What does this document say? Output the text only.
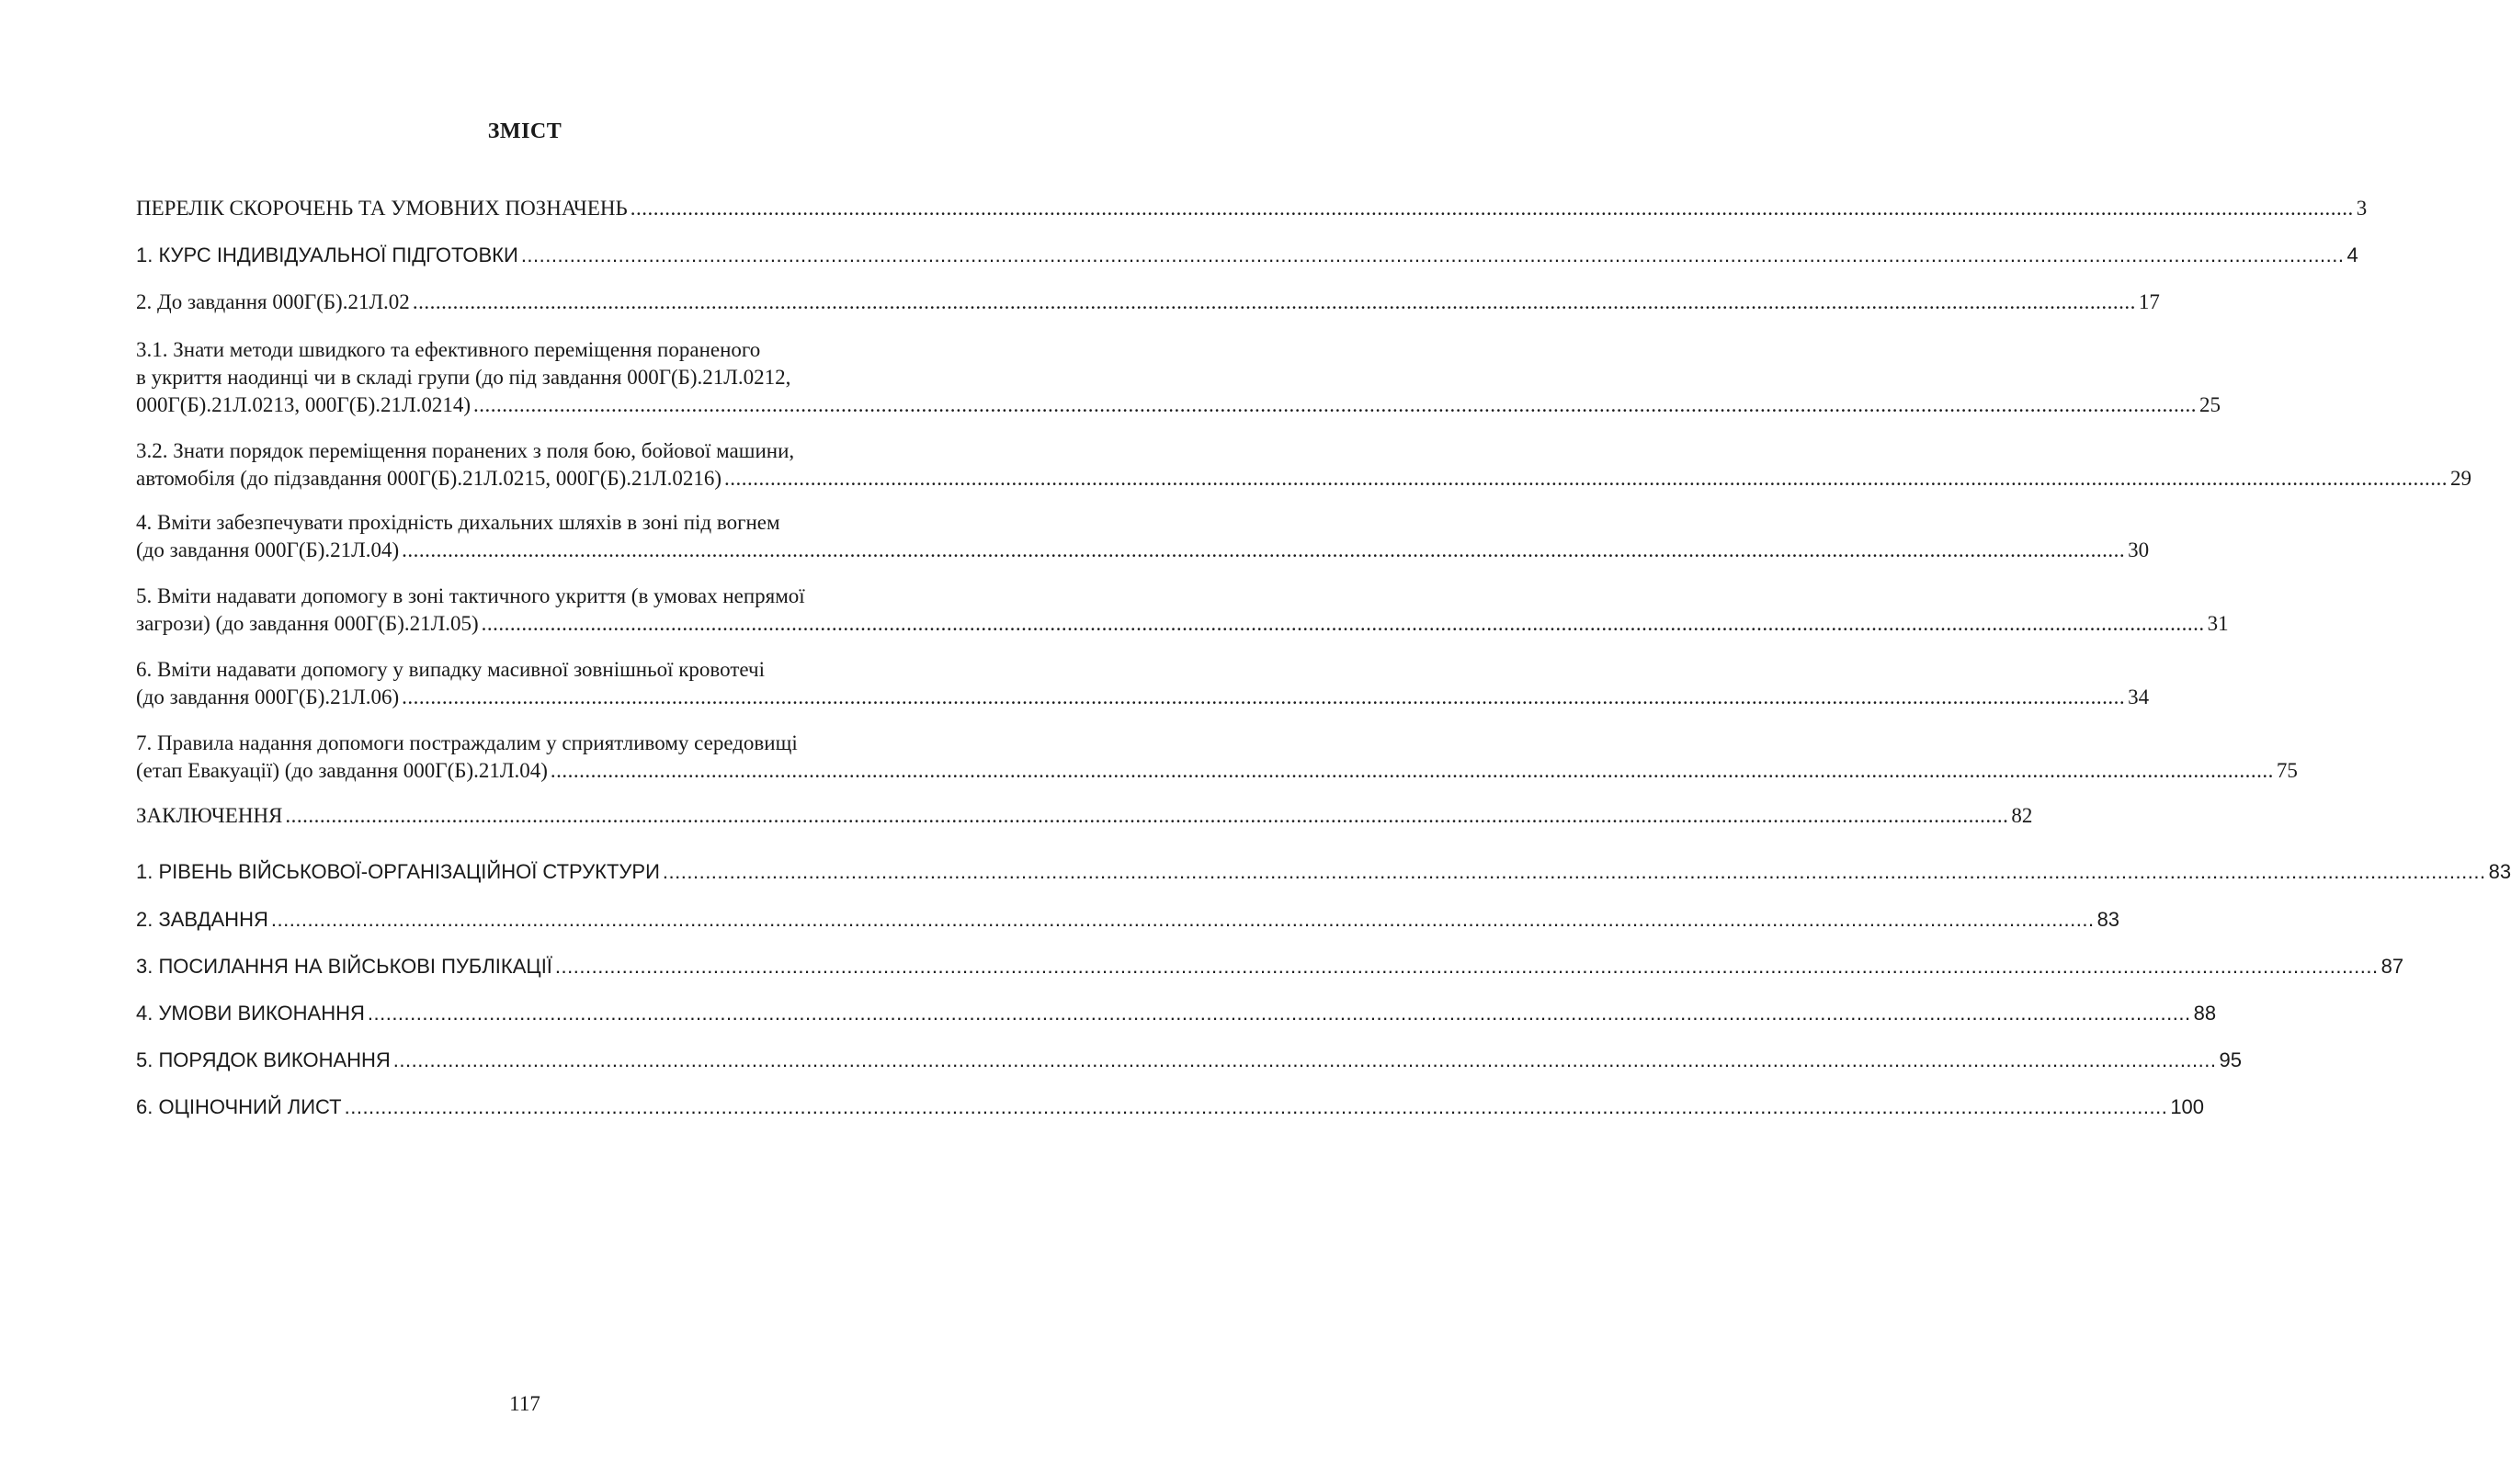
ЗМІСТ
ПЕРЕЛІК СКОРОЧЕНЬ ТА УМОВНИХ ПОЗНАЧЕНЬ ............................................................................................................................................................................................................................................................................................................ 3
1. КУРС ІНДИВІДУАЛЬНОЇ ПІДГОТОВКИ ............................................................................................................................................................................................................................................................................................................ 4
2. До завдання 000Г(Б).21Л.02 ............................................................................................................................................................................................................................................................................................................ 17
3.1. Знати методи швидкого та ефективного переміщення пораненого
в укриття наодинці чи в складі групи (до під завдання 000Г(Б).21Л.0212,
000Г(Б).21Л.0213, 000Г(Б).21Л.0214) ............................................................................................................................................................................................................................................................................................................ 25
3.2. Знати порядок переміщення поранених з поля бою, бойової машини,
автомобіля (до підзавдання 000Г(Б).21Л.0215, 000Г(Б).21Л.0216) ............................................................................................................................................................................................................................................................................................................ 29
4. Вміти забезпечувати прохідність дихальних шляхів в зоні під вогнем
(до завдання 000Г(Б).21Л.04) ............................................................................................................................................................................................................................................................................................................ 30
5. Вміти надавати допомогу в зоні тактичного укриття (в умовах непрямої
загрози) (до завдання 000Г(Б).21Л.05) ............................................................................................................................................................................................................................................................................................................ 31
6. Вміти надавати допомогу у випадку масивної зовнішньої кровотечі
(до завдання 000Г(Б).21Л.06) ............................................................................................................................................................................................................................................................................................................ 34
7. Правила надання допомоги постраждалим у сприятливому середовищі
(етап Евакуації) (до завдання 000Г(Б).21Л.04) ............................................................................................................................................................................................................................................................................................................ 75
ЗАКЛЮЧЕННЯ ............................................................................................................................................................................................................................................................................................................ 82
1. РІВЕНЬ ВІЙСЬКОВОЇ-ОРГАНІЗАЦІЙНОЇ СТРУКТУРИ ............................................................................................................................................................................................................................................................................................................ 83
2. ЗАВДАННЯ ............................................................................................................................................................................................................................................................................................................ 83
3. ПОСИЛАННЯ НА ВІЙСЬКОВІ ПУБЛІКАЦІЇ ............................................................................................................................................................................................................................................................................................................ 87
4. УМОВИ ВИКОНАННЯ ............................................................................................................................................................................................................................................................................................................ 88
5. ПОРЯДОК ВИКОНАННЯ ............................................................................................................................................................................................................................................................................................................ 95
6. ОЦІНОЧНИЙ ЛИСТ ............................................................................................................................................................................................................................................................................................................ 100
117
